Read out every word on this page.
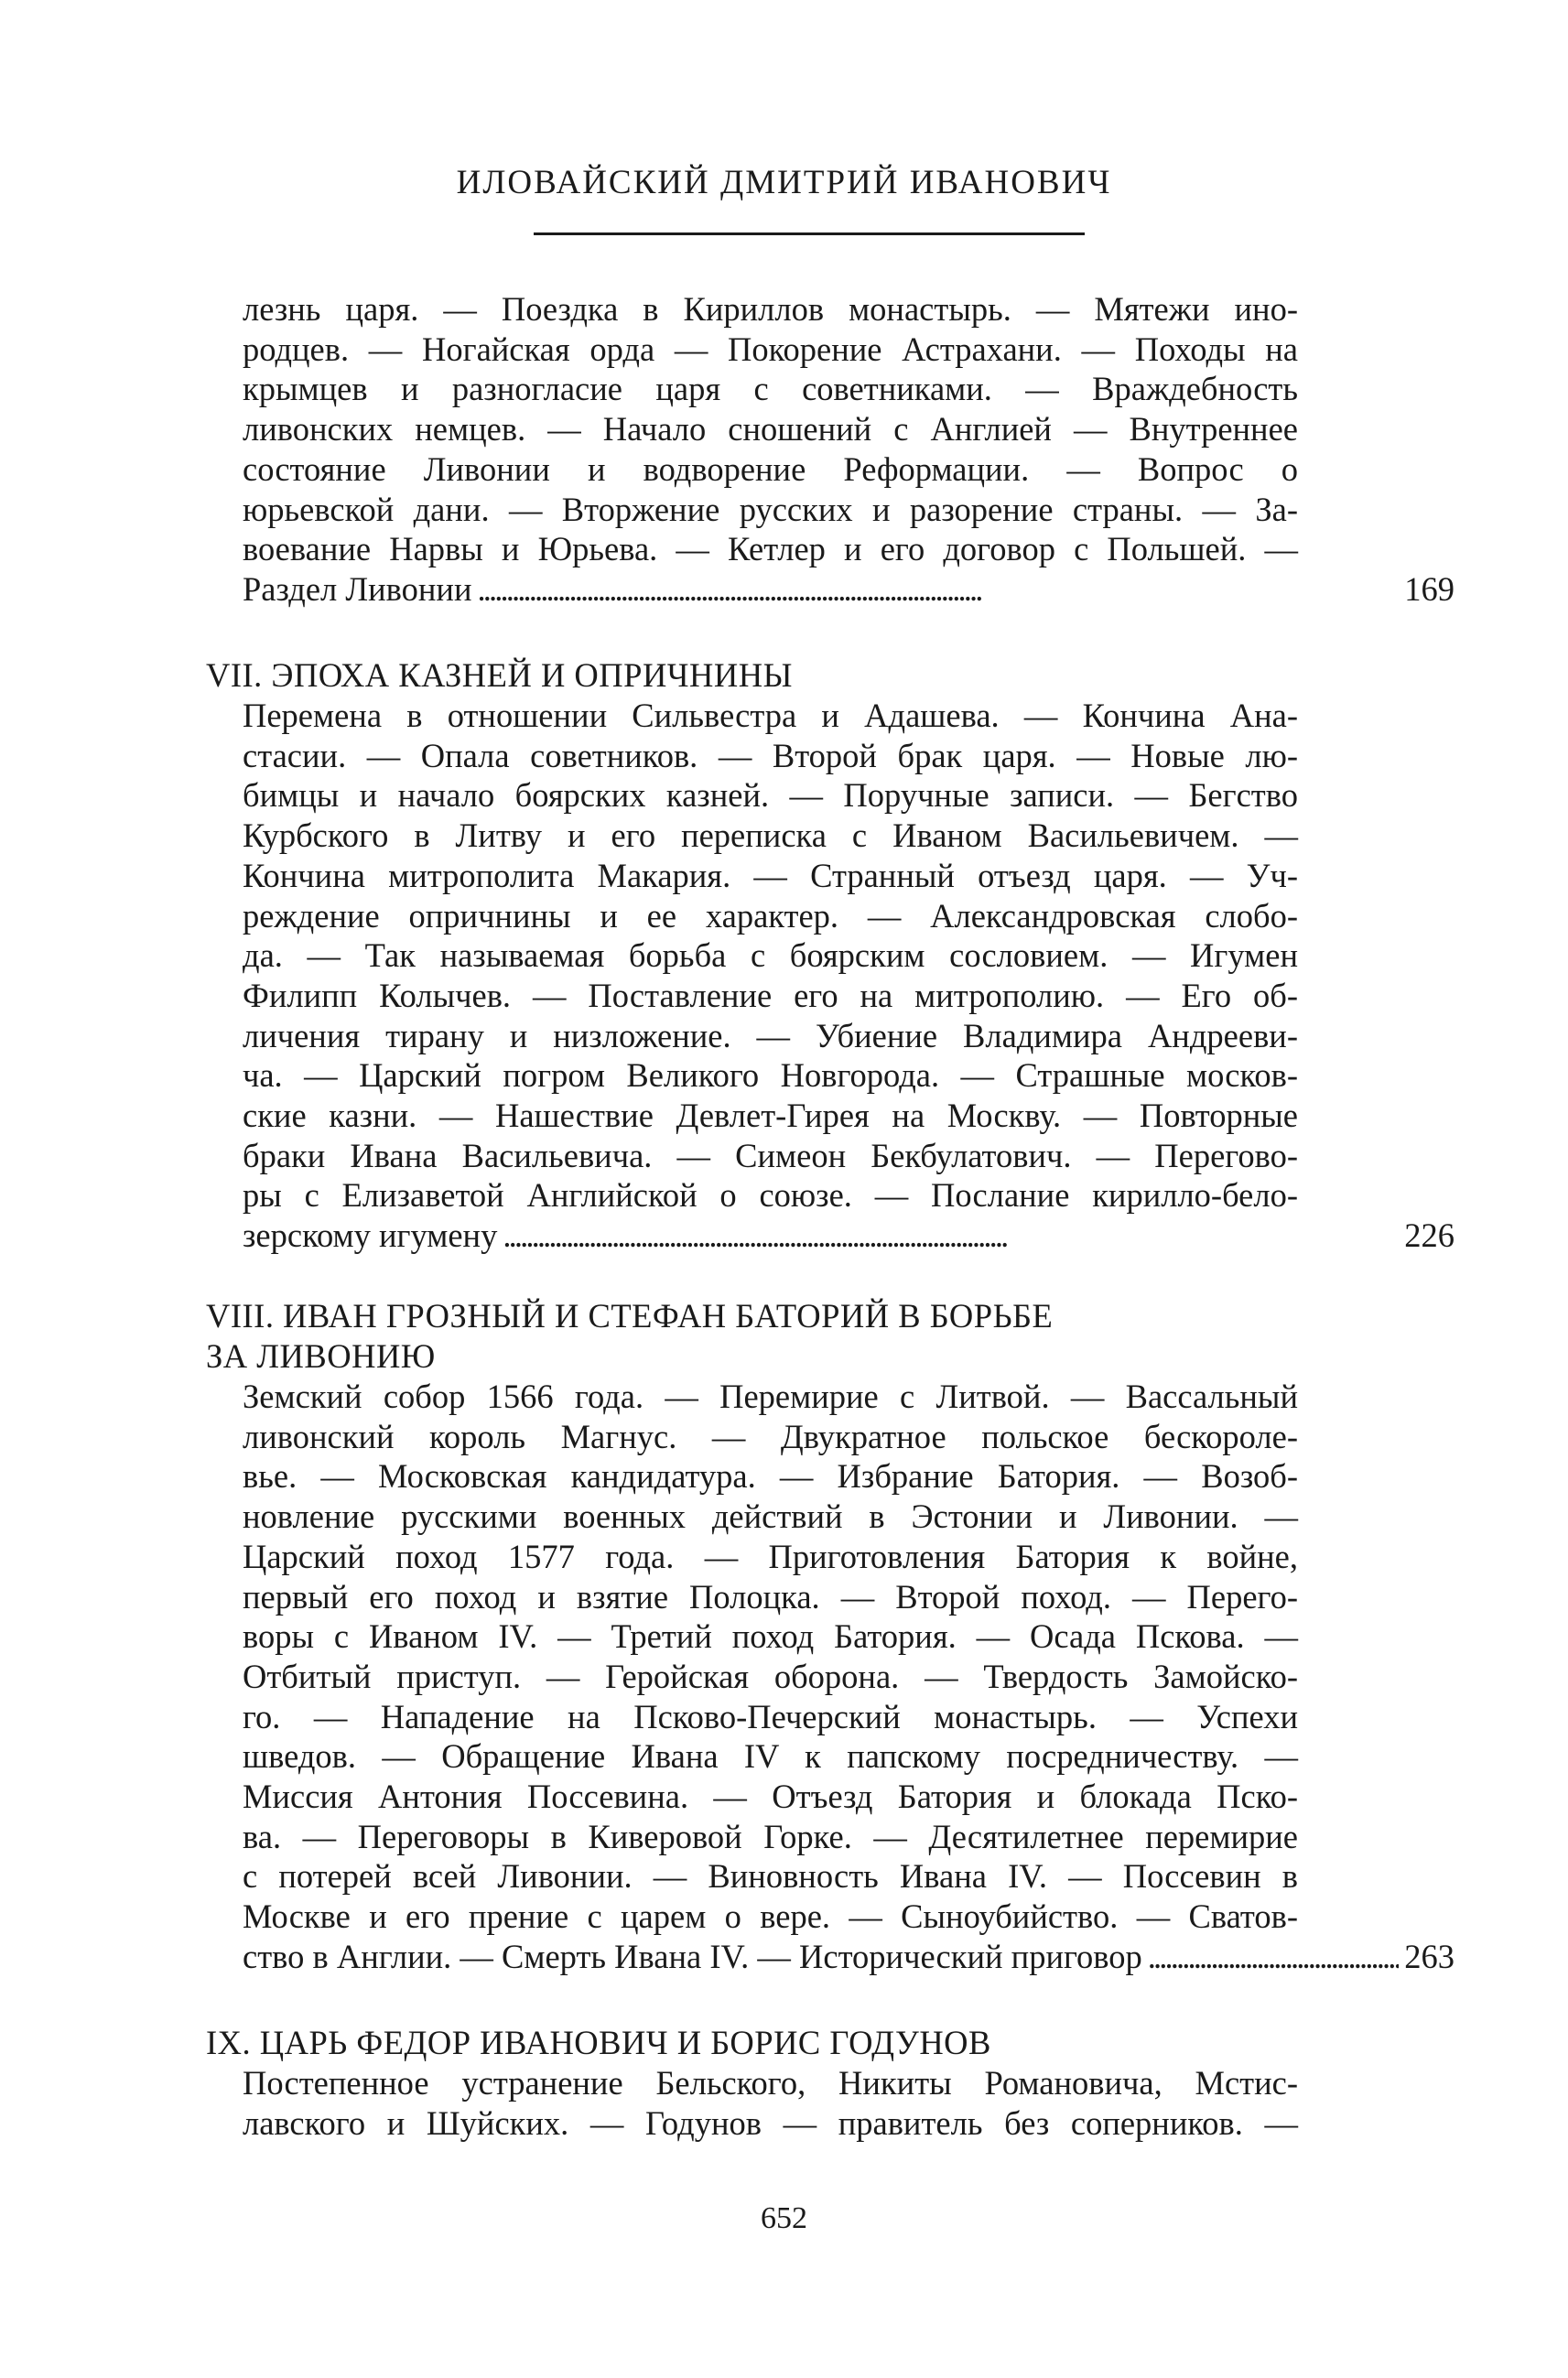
ИЛОВАЙСКИЙ ДМИТРИЙ ИВАНОВИЧ
лезнь царя. — Поездка в Кириллов монастырь. — Мятежи ино-
родцев. — Ногайская орда — Покорение Астрахани. — Походы на
крымцев и разногласие царя с советниками. — Враждебность
ливонских немцев. — Начало сношений с Англией — Внутреннее
состояние Ливонии и водворение Реформации. — Вопрос о
юрьевской дани. — Вторжение русских и разорение страны. — За-
воевание Нарвы и Юрьева. — Кетлер и его договор с Польшей. —
Раздел Ливонии . . .	169
VII. ЭПОХА КАЗНЕЙ И ОПРИЧНИНЫ
Перемена в отношении Сильвестра и Адашева. — Кончина Ана-
стасии. — Опала советников. — Второй брак царя. — Новые лю-
бимцы и начало боярских казней. — Поручные записи. — Бегство
Курбского в Литву и его переписка с Иваном Васильевичем. —
Кончина митрополита Макария. — Странный отъезд царя. — Уч-
реждение опричнины и ее характер. — Александровская слобо-
да. — Так называемая борьба с боярским сословием. — Игумен
Филипп Колычев. — Поставление его на митрополию. — Его об-
личения тирану и низложение. — Убиение Владимира Андрееви-
ча. — Царский погром Великого Новгорода. — Страшные москов-
ские казни. — Нашествие Девлет-Гирея на Москву. — Повторные
браки Ивана Васильевича. — Симеон Бекбулатович. — Перегово-
ры с Елизаветой Английской о союзе. — Послание кирилло-бело-
зерскому игумену . . .	226
VIII. ИВАН ГРОЗНЫЙ И СТЕФАН БАТОРИЙ В БОРЬБЕ
ЗА ЛИВОНИЮ
Земский собор 1566 года. — Перемирие с Литвой. — Вассальный
ливонский король Магнус. — Двукратное польское бескороле-
вье. — Московская кандидатура. — Избрание Батория. — Возоб-
новление русскими военных действий в Эстонии и Ливонии. —
Царский поход 1577 года. — Приготовления Батория к войне,
первый его поход и взятие Полоцка. — Второй поход. — Перего-
воры с Иваном IV. — Третий поход Батория. — Осада Пскова. —
Отбитый приступ. — Геройская оборона. — Твердость Замойско-
го. — Нападение на Псково-Печерский монастырь. — Успехи
шведов. — Обращение Ивана IV к папскому посредничеству. —
Миссия Антония Поссевина. — Отъезд Батория и блокада Пско-
ва. — Переговоры в Киверовой Горке. — Десятилетнее перемирие
с потерей всей Ливонии. — Виновность Ивана IV. — Поссевин в
Москве и его прение с царем о вере. — Сыноубийство. — Сватов-
ство в Англии. — Смерть Ивана IV. — Исторический приговор . . .	263
IX. ЦАРЬ ФЕДОР ИВАНОВИЧ И БОРИС ГОДУНОВ
Постепенное устранение Бельского, Никиты Романовича, Мстис-
лавского и Шуйских. — Годунов — правитель без соперников. —
652
